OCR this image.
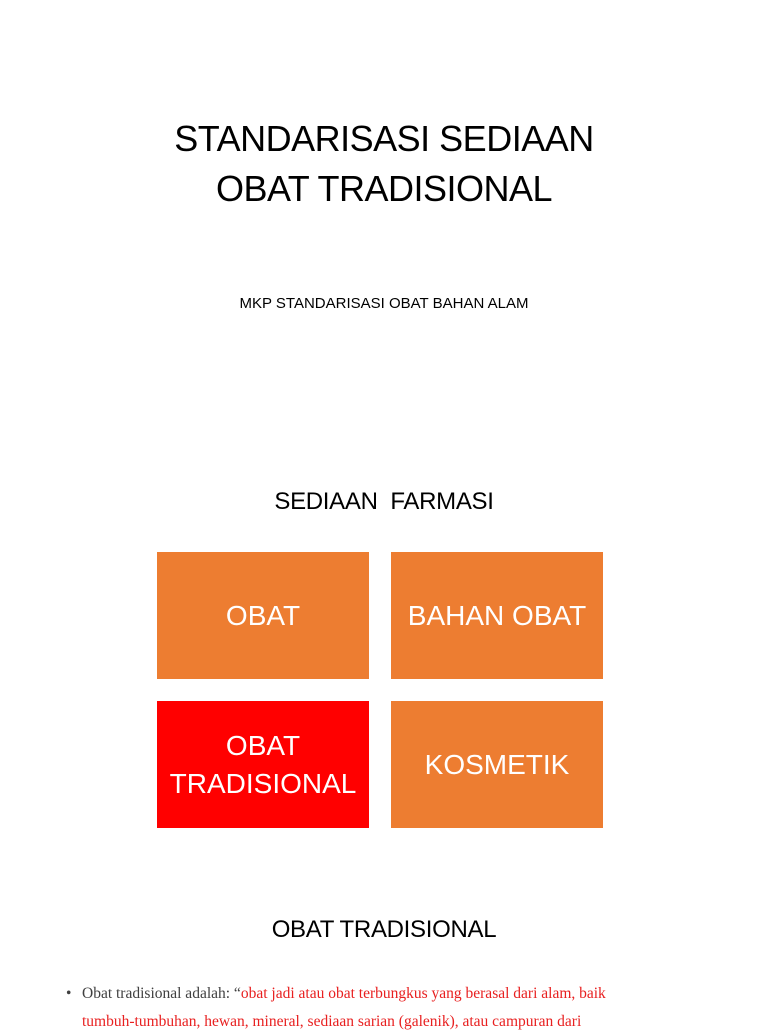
STANDARISASI SEDIAAN
OBAT TRADISIONAL
MKP STANDARISASI OBAT BAHAN ALAM
SEDIAAN  FARMASI
OBAT	BAHAN OBAT
OBAT
TRADISIONAL
KOSMETIK
OBAT TRADISIONAL
• Obat tradisional adalah: “obat jadi atau obat terbungkus yang berasal dari alam, baik
tumbuh-tumbuhan, hewan, mineral, sediaan sarian (galenik), atau campuran dari
